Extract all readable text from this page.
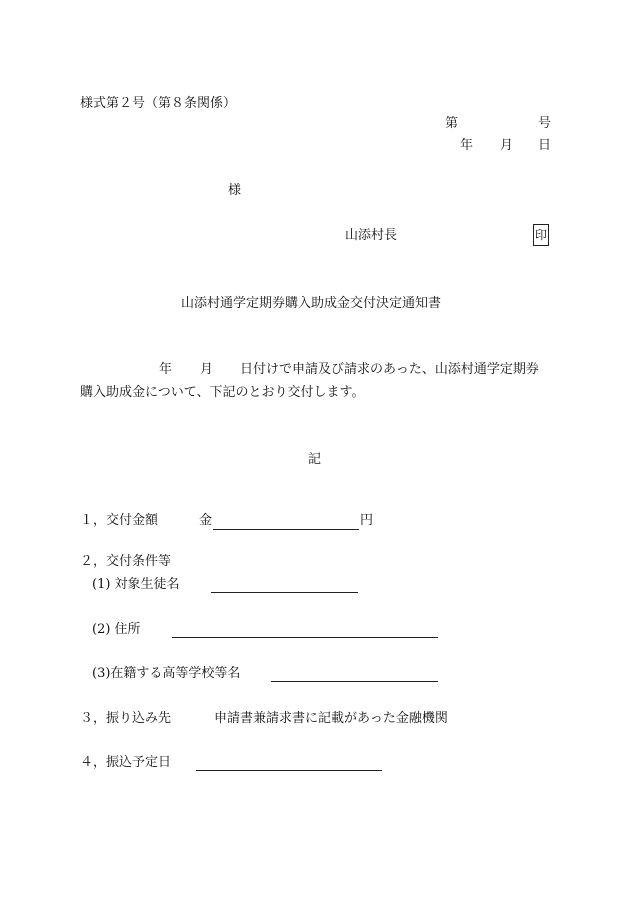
様式第２号（第８条関係）
第	号
年 月 日
様
山添村長	印
山添村通学定期券購入助成金交付決定通知書
年 月 日付けで申請及び請求のあった、山添村通学定期券
購入助成金について、下記のとおり交付します。
記
１，交付金額	金	円
２，交付条件等
(1) 対象生徒名
(2) 住所
(3)在籍する高等学校等名
３，振り込み先	申請書兼請求書に記載があった金融機関
４，振込予定日
